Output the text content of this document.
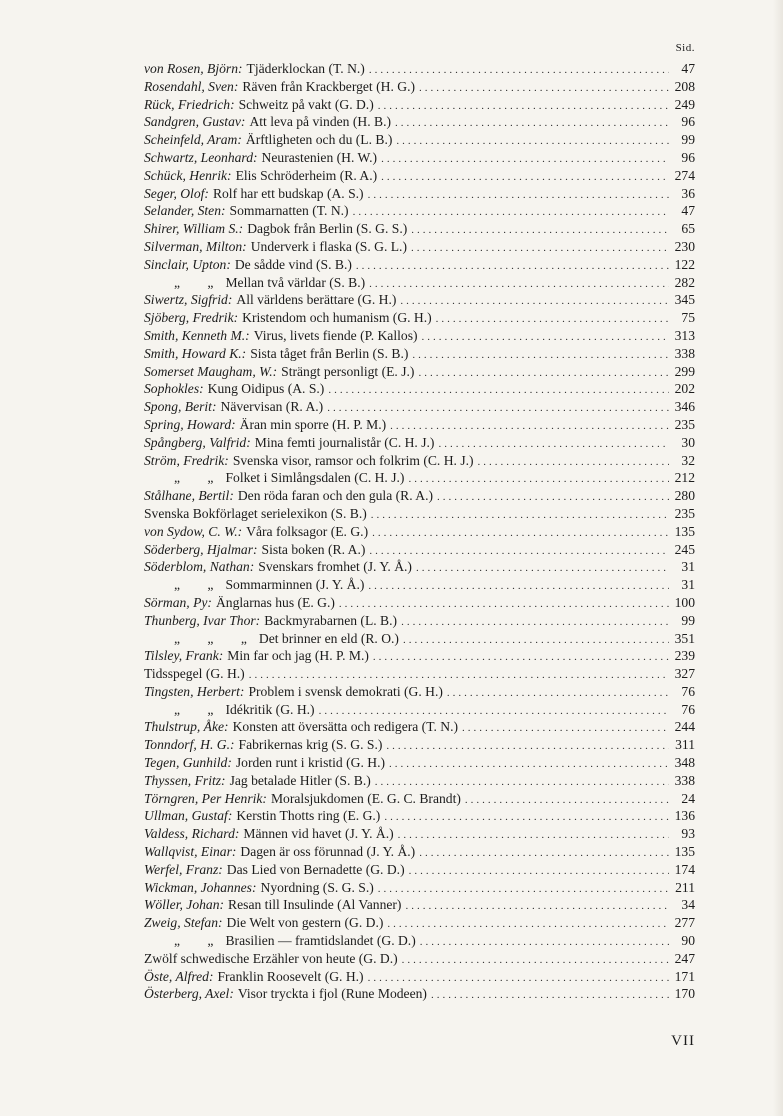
Sid.
von Rosen, Björn: Tjäderklockan (T. N.) .....	47
Rosendahl, Sven: Räven från Krackberget (H. G.) .....	208
Rück, Friedrich: Schweitz på vakt (G. D.) .....	249
Sandgren, Gustav: Att leva på vinden (H. B.) .....	96
Scheinfeld, Aram: Ärftligheten och du (L. B.) .....	99
Schwartz, Leonhard: Neurastenien (H. W.) .....	96
Schück, Henrik: Elis Schröderheim (R. A.) .....	274
Seger, Olof: Rolf har ett budskap (A. S.) .....	36
Selander, Sten: Sommarnatten (T. N.) .....	47
Shirer, William S.: Dagbok från Berlin (S. G. S.) .....	65
Silverman, Milton: Underverk i flaska (S. G. L.) .....	230
Sinclair, Upton: De sådde vind (S. B.) .....	122
„ „ Mellan två världar (S. B.) .....	282
Siwertz, Sigfrid: All världens berättare (G. H.) .....	345
Sjöberg, Fredrik: Kristendom och humanism (G. H.) .....	75
Smith, Kenneth M.: Virus, livets fiende (P. Kallos) .....	313
Smith, Howard K.: Sista tåget från Berlin (S. B.) .....	338
Somerset Maugham, W.: Strängt personligt (E. J.) .....	299
Sophokles: Kung Oidipus (A. S.) .....	202
Spong, Berit: Nävervisan (R. A.) .....	346
Spring, Howard: Äran min sporre (H. P. M.) .....	235
Spångberg, Valfrid: Mina femti journalistår (C. H. J.) .....	30
Ström, Fredrik: Svenska visor, ramsor och folkrim (C. H. J.) .....	32
„ „ Folket i Simlångsdalen (C. H. J.) .....	212
Stålhane, Bertil: Den röda faran och den gula (R. A.) .....	280
Svenska Bokförlaget serielexikon (S. B.) .....	235
von Sydow, C. W.: Våra folksagor (E. G.) .....	135
Söderberg, Hjalmar: Sista boken (R. A.) .....	245
Söderblom, Nathan: Svenskars fromhet (J. Y. Å.) .....	31
„ „ Sommarminnen (J. Y. Å.) .....	31
Sörman, Py: Änglarnas hus (E. G.) .....	100
Thunberg, Ivar Thor: Backmyrabarnen (L. B.) .....	99
„ „ „ Det brinner en eld (R. O.) .....	351
Tilsley, Frank: Min far och jag (H. P. M.) .....	239
Tidsspegel (G. H.) .....	327
Tingsten, Herbert: Problem i svensk demokrati (G. H.) .....	76
„ „ Idékritik (G. H.) .....	76
Thulstrup, Åke: Konsten att översätta och redigera (T. N.) .....	244
Tonndorf, H. G.: Fabrikernas krig (S. G. S.) .....	311
Tegen, Gunhild: Jorden runt i kristid (G. H.) .....	348
Thyssen, Fritz: Jag betalade Hitler (S. B.) .....	338
Törngren, Per Henrik: Moralsjukdomen (E. G. C. Brandt) .....	24
Ullman, Gustaf: Kerstin Thotts ring (E. G.) .....	136
Valdess, Richard: Männen vid havet (J. Y. Å.) .....	93
Wallqvist, Einar: Dagen är oss förunnad (J. Y. Å.) .....	135
Werfel, Franz: Das Lied von Bernadette (G. D.) .....	174
Wickman, Johannes: Nyordning (S. G. S.) .....	211
Wöller, Johan: Resan till Insulinde (Al Vanner) .....	34
Zweig, Stefan: Die Welt von gestern (G. D.) .....	277
„ „ Brasilien — framtidslandet (G. D.) .....	90
Zwölf schwedische Erzähler von heute (G. D.) .....	247
Öste, Alfred: Franklin Roosevelt (G. H.) .....	171
Österberg, Axel: Visor tryckta i fjol (Rune Modeen) .....	170
VII
